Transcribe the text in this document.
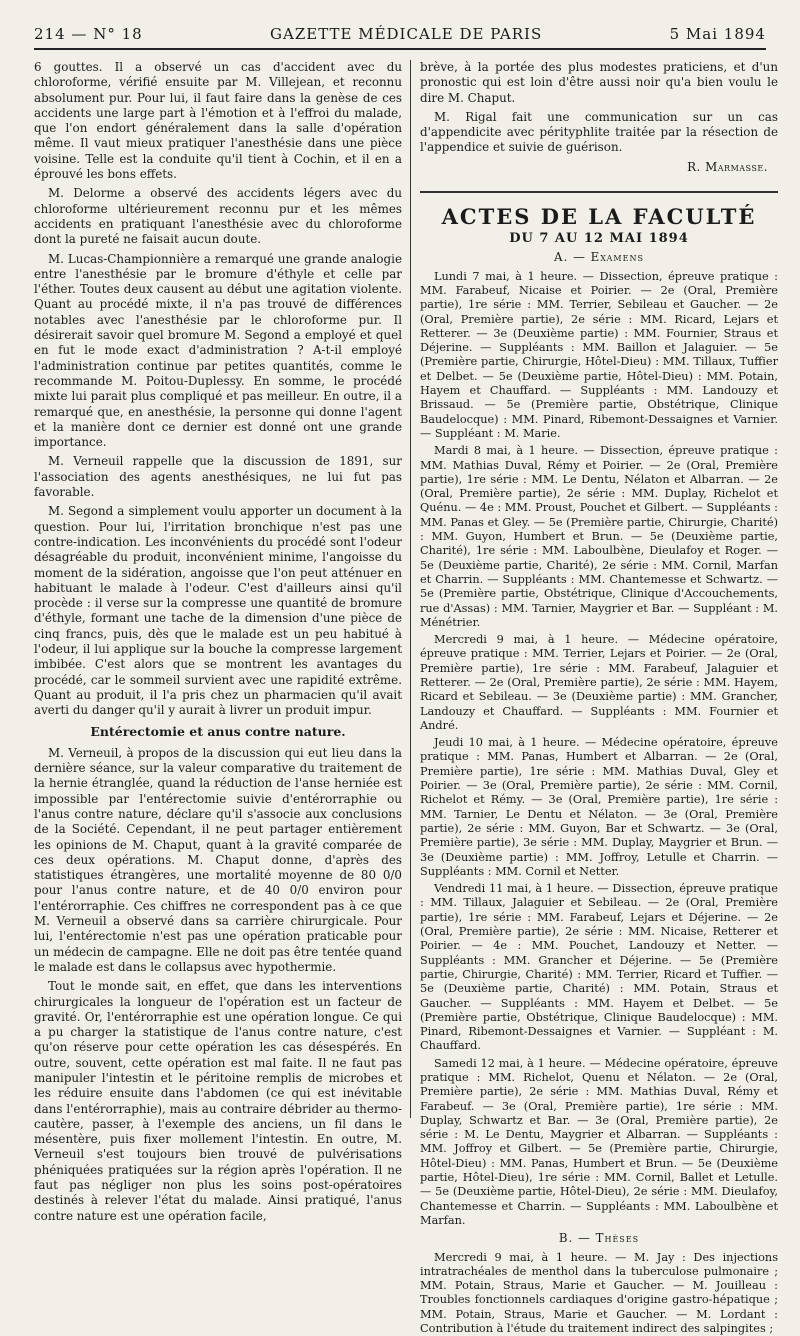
214 — N° 18	GAZETTE MÉDICALE DE PARIS	5 Mai 1894

6 gouttes. Il a observé un cas d'accident avec du chloroforme, vérifié ensuite par M. Villejean, et reconnu absolument pur. Pour lui, il faut faire dans la genèse de ces accidents une large part à l'émotion et à l'effroi du malade, que l'on endort généralement dans la salle d'opération même. Il vaut mieux pratiquer l'anesthésie dans une pièce voisine. Telle est la conduite qu'il tient à Cochin, et il en a éprouvé les bons effets.

M. Delorme a observé des accidents légers avec du chloroforme ultérieurement reconnu pur et les mêmes accidents en pratiquant l'anesthésie avec du chloroforme dont la pureté ne faisait aucun doute.

M. Lucas-Championnière a remarqué une grande analogie entre l'anesthésie par le bromure d'éthyle et celle par l'éther. Toutes deux causent au début une agitation violente. Quant au procédé mixte, il n'a pas trouvé de différences notables avec l'anesthésie par le chloroforme pur. Il désirerait savoir quel bromure M. Segond a employé et quel en fut le mode exact d'administration ? A-t-il employé l'administration continue par petites quantités, comme le recommande M. Poitou-Duplessy. En somme, le procédé mixte lui parait plus compliqué et pas meilleur. En outre, il a remarqué que, en anesthésie, la personne qui donne l'agent et la manière dont ce dernier est donné ont une grande importance.

M. Verneuil rappelle que la discussion de 1891, sur l'association des agents anesthésiques, ne lui fut pas favorable.

M. Segond a simplement voulu apporter un document à la question. Pour lui, l'irritation bronchique n'est pas une contre-indication. Les inconvénients du procédé sont l'odeur désagréable du produit, inconvénient minime, l'angoisse du moment de la sidération, angoisse que l'on peut atténuer en habituant le malade à l'odeur. C'est d'ailleurs ainsi qu'il procède : il verse sur la compresse une quantité de bromure d'éthyle, formant une tache de la dimension d'une pièce de cinq francs, puis, dès que le malade est un peu habitué à l'odeur, il lui applique sur la bouche la compresse largement imbibée. C'est alors que se montrent les avantages du procédé, car le sommeil survient avec une rapidité extrême. Quant au produit, il l'a pris chez un pharmacien qu'il avait averti du danger qu'il y aurait à livrer un produit impur.

Entérectomie et anus contre nature.

M. Verneuil, à propos de la discussion qui eut lieu dans la dernière séance, sur la valeur comparative du traitement de la hernie étranglée, quand la réduction de l'anse herniée est impossible par l'entérectomie suivie d'entérorraphie ou l'anus contre nature, déclare qu'il s'associe aux conclusions de la Société. Cependant, il ne peut partager entièrement les opinions de M. Chaput, quant à la gravité comparée de ces deux opérations. M. Chaput donne, d'après des statistiques étrangères, une mortalité moyenne de 80 0/0 pour l'anus contre nature, et de 40 0/0 environ pour l'entérorraphie. Ces chiffres ne correspondent pas à ce que M. Verneuil a observé dans sa carrière chirurgicale. Pour lui, l'entérectomie n'est pas une opération praticable pour un médecin de campagne. Elle ne doit pas être tentée quand le malade est dans le collapsus avec hypothermie.

Tout le monde sait, en effet, que dans les interventions chirurgicales la longueur de l'opération est un facteur de gravité. Or, l'entérorraphie est une opération longue. Ce qui a pu charger la statistique de l'anus contre nature, c'est qu'on réserve pour cette opération les cas désespérés. En outre, souvent, cette opération est mal faite. Il ne faut pas manipuler l'intestin et le péritoine remplis de microbes et les réduire ensuite dans l'abdomen (ce qui est inévitable dans l'entérorraphie), mais au contraire débrider au thermo-cautère, passer, à l'exemple des anciens, un fil dans le mésentère, puis fixer mollement l'intestin. En outre, M. Verneuil s'est toujours bien trouvé de pulvérisations phéniquées pratiquées sur la région après l'opération. Il ne faut pas négliger non plus les soins post-opératoires destinés à relever l'état du malade. Ainsi pratiqué, l'anus contre nature est une opération facile,

brève, à la portée des plus modestes praticiens, et d'un pronostic qui est loin d'être aussi noir qu'a bien voulu le dire M. Chaput.

M. Rigal fait une communication sur un cas d'appendicite avec pérityphlite traitée par la résection de l'appendice et suivie de guérison.

R. Marmasse.
ACTES DE LA FACULTÉ
DU 7 AU 12 MAI 1894
A. — Examens

Lundi 7 mai, à 1 heure. — Dissection, épreuve pratique : MM. Farabeuf, Nicaise et Poirier. — 2e (Oral, Première partie), 1re série : MM. Terrier, Sebileau et Gaucher. — 2e (Oral, Première partie), 2e série : MM. Ricard, Lejars et Retterer. — 3e (Deuxième partie) : MM. Fournier, Straus et Déjerine. — Suppléants : MM. Baillon et Jalaguier. — 5e (Première partie, Chirurgie, Hôtel-Dieu) : MM. Tillaux, Tuffier et Delbet. — 5e (Deuxième partie, Hôtel-Dieu) : MM. Potain, Hayem et Chauffard. — Suppléants : MM. Landouzy et Brissaud. — 5e (Première partie, Obstétrique, Clinique Baudelocque) : MM. Pinard, Ribemont-Dessaignes et Varnier. — Suppléant : M. Marie.

Mardi 8 mai, à 1 heure. — Dissection, épreuve pratique : MM. Mathias Duval, Rémy et Poirier. — 2e (Oral, Première partie), 1re série : MM. Le Dentu, Nélaton et Albarran. — 2e (Oral, Première partie), 2e série : MM. Duplay, Richelot et Quénu. — 4e : MM. Proust, Pouchet et Gilbert. — Suppléants : MM. Panas et Gley. — 5e (Première partie, Chirurgie, Charité) : MM. Guyon, Humbert et Brun. — 5e (Deuxième partie, Charité), 1re série : MM. Laboulbène, Dieulafoy et Roger. — 5e (Deuxième partie, Charité), 2e série : MM. Cornil, Marfan et Charrin. — Suppléants : MM. Chantemesse et Schwartz. — 5e (Première partie, Obstétrique, Clinique d'Accouchements, rue d'Assas) : MM. Tarnier, Maygrier et Bar. — Suppléant : M. Ménétrier.

Mercredi 9 mai, à 1 heure. — Médecine opératoire, épreuve pratique : MM. Terrier, Lejars et Poirier. — 2e (Oral, Première partie), 1re série : MM. Farabeuf, Jalaguier et Retterer. — 2e (Oral, Première partie), 2e série : MM. Hayem, Ricard et Sebileau. — 3e (Deuxième partie) : MM. Grancher, Landouzy et Chauffard. — Suppléants : MM. Fournier et André.

Jeudi 10 mai, à 1 heure. — Médecine opératoire, épreuve pratique : MM. Panas, Humbert et Albarran. — 2e (Oral, Première partie), 1re série : MM. Mathias Duval, Gley et Poirier. — 3e (Oral, Première partie), 2e série : MM. Cornil, Richelot et Rémy. — 3e (Oral, Première partie), 1re série : MM. Tarnier, Le Dentu et Nélaton. — 3e (Oral, Première partie), 2e série : MM. Guyon, Bar et Schwartz. — 3e (Oral, Première partie), 3e série : MM. Duplay, Maygrier et Brun. — 3e (Deuxième partie) : MM. Joffroy, Letulle et Charrin. — Suppléants : MM. Cornil et Netter.

Vendredi 11 mai, à 1 heure. — Dissection, épreuve pratique : MM. Tillaux, Jalaguier et Sebileau. — 2e (Oral, Première partie), 1re série : MM. Farabeuf, Lejars et Déjerine. — 2e (Oral, Première partie), 2e série : MM. Nicaise, Retterer et Poirier. — 4e : MM. Pouchet, Landouzy et Netter. — Suppléants : MM. Grancher et Déjerine. — 5e (Première partie, Chirurgie, Charité) : MM. Terrier, Ricard et Tuffier. — 5e (Deuxième partie, Charité) : MM. Potain, Straus et Gaucher. — Suppléants : MM. Hayem et Delbet. — 5e (Première partie, Obstétrique, Clinique Baudelocque) : MM. Pinard, Ribemont-Dessaignes et Varnier. — Suppléant : M. Chauffard.

Samedi 12 mai, à 1 heure. — Médecine opératoire, épreuve pratique : MM. Richelot, Quenu et Nélaton. — 2e (Oral, Première partie), 2e série : MM. Mathias Duval, Rémy et Farabeuf. — 3e (Oral, Première partie), 1re série : MM. Duplay, Schwartz et Bar. — 3e (Oral, Première partie), 2e série : M. Le Dentu, Maygrier et Albarran. — Suppléants : MM. Joffroy et Gilbert. — 5e (Première partie, Chirurgie, Hôtel-Dieu) : MM. Panas, Humbert et Brun. — 5e (Deuxième partie, Hôtel-Dieu), 1re série : MM. Cornil, Ballet et Letulle. — 5e (Deuxième partie, Hôtel-Dieu), 2e série : MM. Dieulafoy, Chantemesse et Charrin. — Suppléants : MM. Laboulbène et Marfan.

B. — Thèses

Mercredi 9 mai, à 1 heure. — M. Jay : Des injections intratrachéales de menthol dans la tuberculose pulmonaire ; MM. Potain, Straus, Marie et Gaucher. — M. Jouilleau : Troubles fonctionnels cardiaques d'origine gastro-hépatique ; MM. Potain, Straus, Marie et Gaucher. — M. Lordant : Contribution à l'étude du traitement indirect des salpingites ;
